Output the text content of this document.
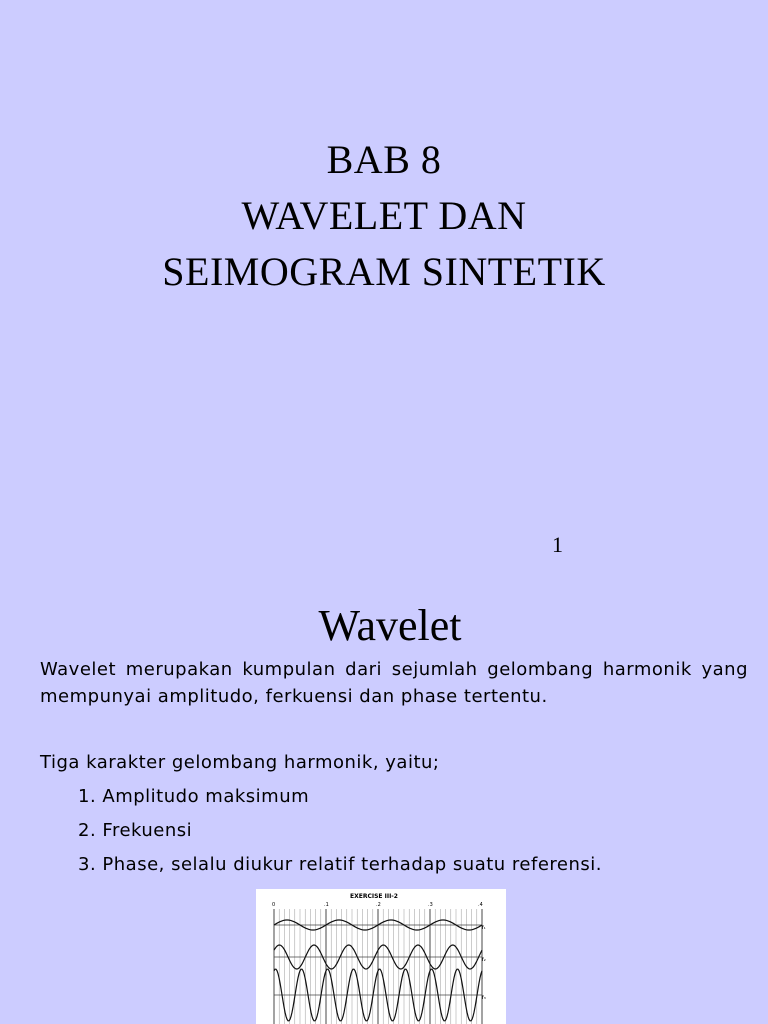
BAB 8
WAVELET DAN
SEIMOGRAM SINTETIK
1
Wavelet
Wavelet merupakan kumpulan dari sejumlah gelombang harmonik yang mempunyai amplitudo, ferkuensi dan phase tertentu.
Tiga karakter gelombang harmonik, yaitu;
1. Amplitudo maksimum
2. Frekuensi
3. Phase, selalu diukur relatif terhadap suatu referensi.
EXERCISE III-2
0	.1	.2	.3	.4
f₁
f₂
f₃
